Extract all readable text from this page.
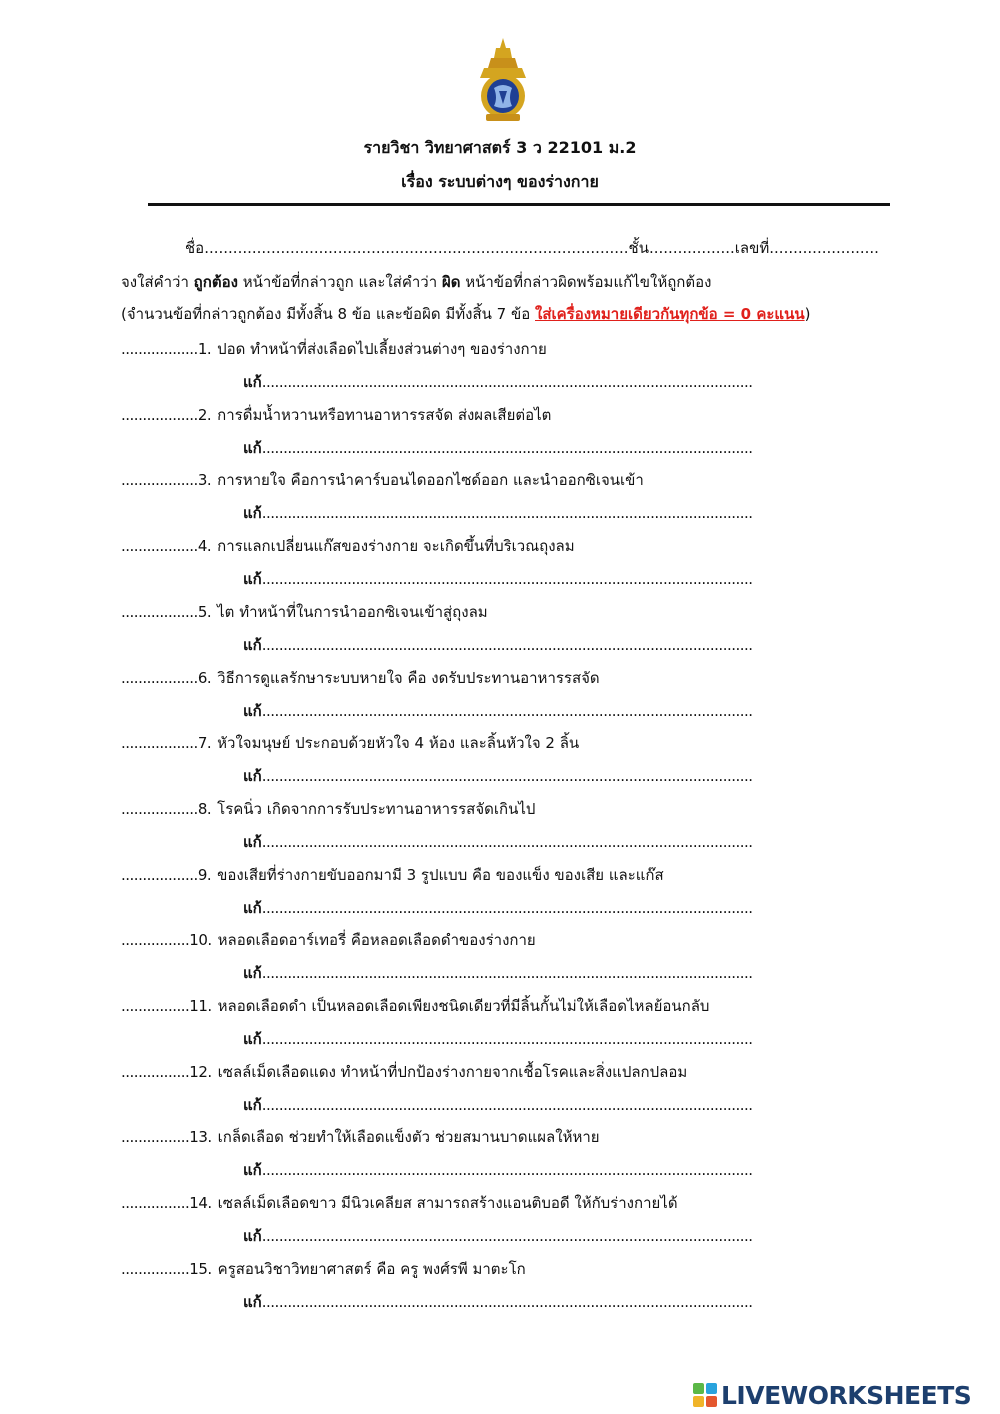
รายวิชา วิทยาศาสตร์ 3 ว 22101 ม.2
เรื่อง ระบบต่างๆ ของร่างกาย
ชื่อ.........................................................................................ชั้น..................เลขที่.......................
จงใส่คำว่า ถูกต้อง หน้าข้อที่กล่าวถูก และใส่คำว่า ผิด หน้าข้อที่กล่าวผิดพร้อมแก้ไขให้ถูกต้อง
(จำนวนข้อที่กล่าวถูกต้อง มีทั้งสิ้น 8 ข้อ และข้อผิด มีทั้งสิ้น 7 ข้อ ใส่เครื่องหมายเดียวกันทุกข้อ = 0 คะแนน)
..................1. ปอด ทำหน้าที่ส่งเลือดไปเลี้ยงส่วนต่างๆ ของร่างกาย
แก้...................................................................................................................
..................2. การดื่มน้ำหวานหรือทานอาหารรสจัด ส่งผลเสียต่อไต
แก้...................................................................................................................
..................3. การหายใจ คือการนำคาร์บอนไดออกไซด์ออก และนำออกซิเจนเข้า
แก้...................................................................................................................
..................4. การแลกเปลี่ยนแก๊สของร่างกาย จะเกิดขึ้นที่บริเวณถุงลม
แก้...................................................................................................................
..................5. ไต ทำหน้าที่ในการนำออกซิเจนเข้าสู่ถุงลม
แก้...................................................................................................................
..................6. วิธีการดูแลรักษาระบบหายใจ คือ งดรับประทานอาหารรสจัด
แก้...................................................................................................................
..................7. หัวใจมนุษย์ ประกอบด้วยหัวใจ 4 ห้อง และลิ้นหัวใจ 2 ลิ้น
แก้...................................................................................................................
..................8. โรคนิ่ว เกิดจากการรับประทานอาหารรสจัดเกินไป
แก้...................................................................................................................
..................9. ของเสียที่ร่างกายขับออกมามี 3 รูปแบบ คือ ของแข็ง ของเสีย และแก๊ส
แก้...................................................................................................................
................10. หลอดเลือดอาร์เทอรี่ คือหลอดเลือดดำของร่างกาย
แก้...................................................................................................................
................11. หลอดเลือดดำ เป็นหลอดเลือดเพียงชนิดเดียวที่มีลิ้นกั้นไม่ให้เลือดไหลย้อนกลับ
แก้...................................................................................................................
................12. เซลล์เม็ดเลือดแดง ทำหน้าที่ปกป้องร่างกายจากเชื้อโรคและสิ่งแปลกปลอม
แก้...................................................................................................................
................13. เกล็ดเลือด ช่วยทำให้เลือดแข็งตัว ช่วยสมานบาดแผลให้หาย
แก้...................................................................................................................
................14. เซลล์เม็ดเลือดขาว มีนิวเคลียส สามารถสร้างแอนติบอดี ให้กับร่างกายได้
แก้...................................................................................................................
................15. ครูสอนวิชาวิทยาศาสตร์ คือ ครู พงศ์รพี มาตะโก
แก้...................................................................................................................
LIVEWORKSHEETS
